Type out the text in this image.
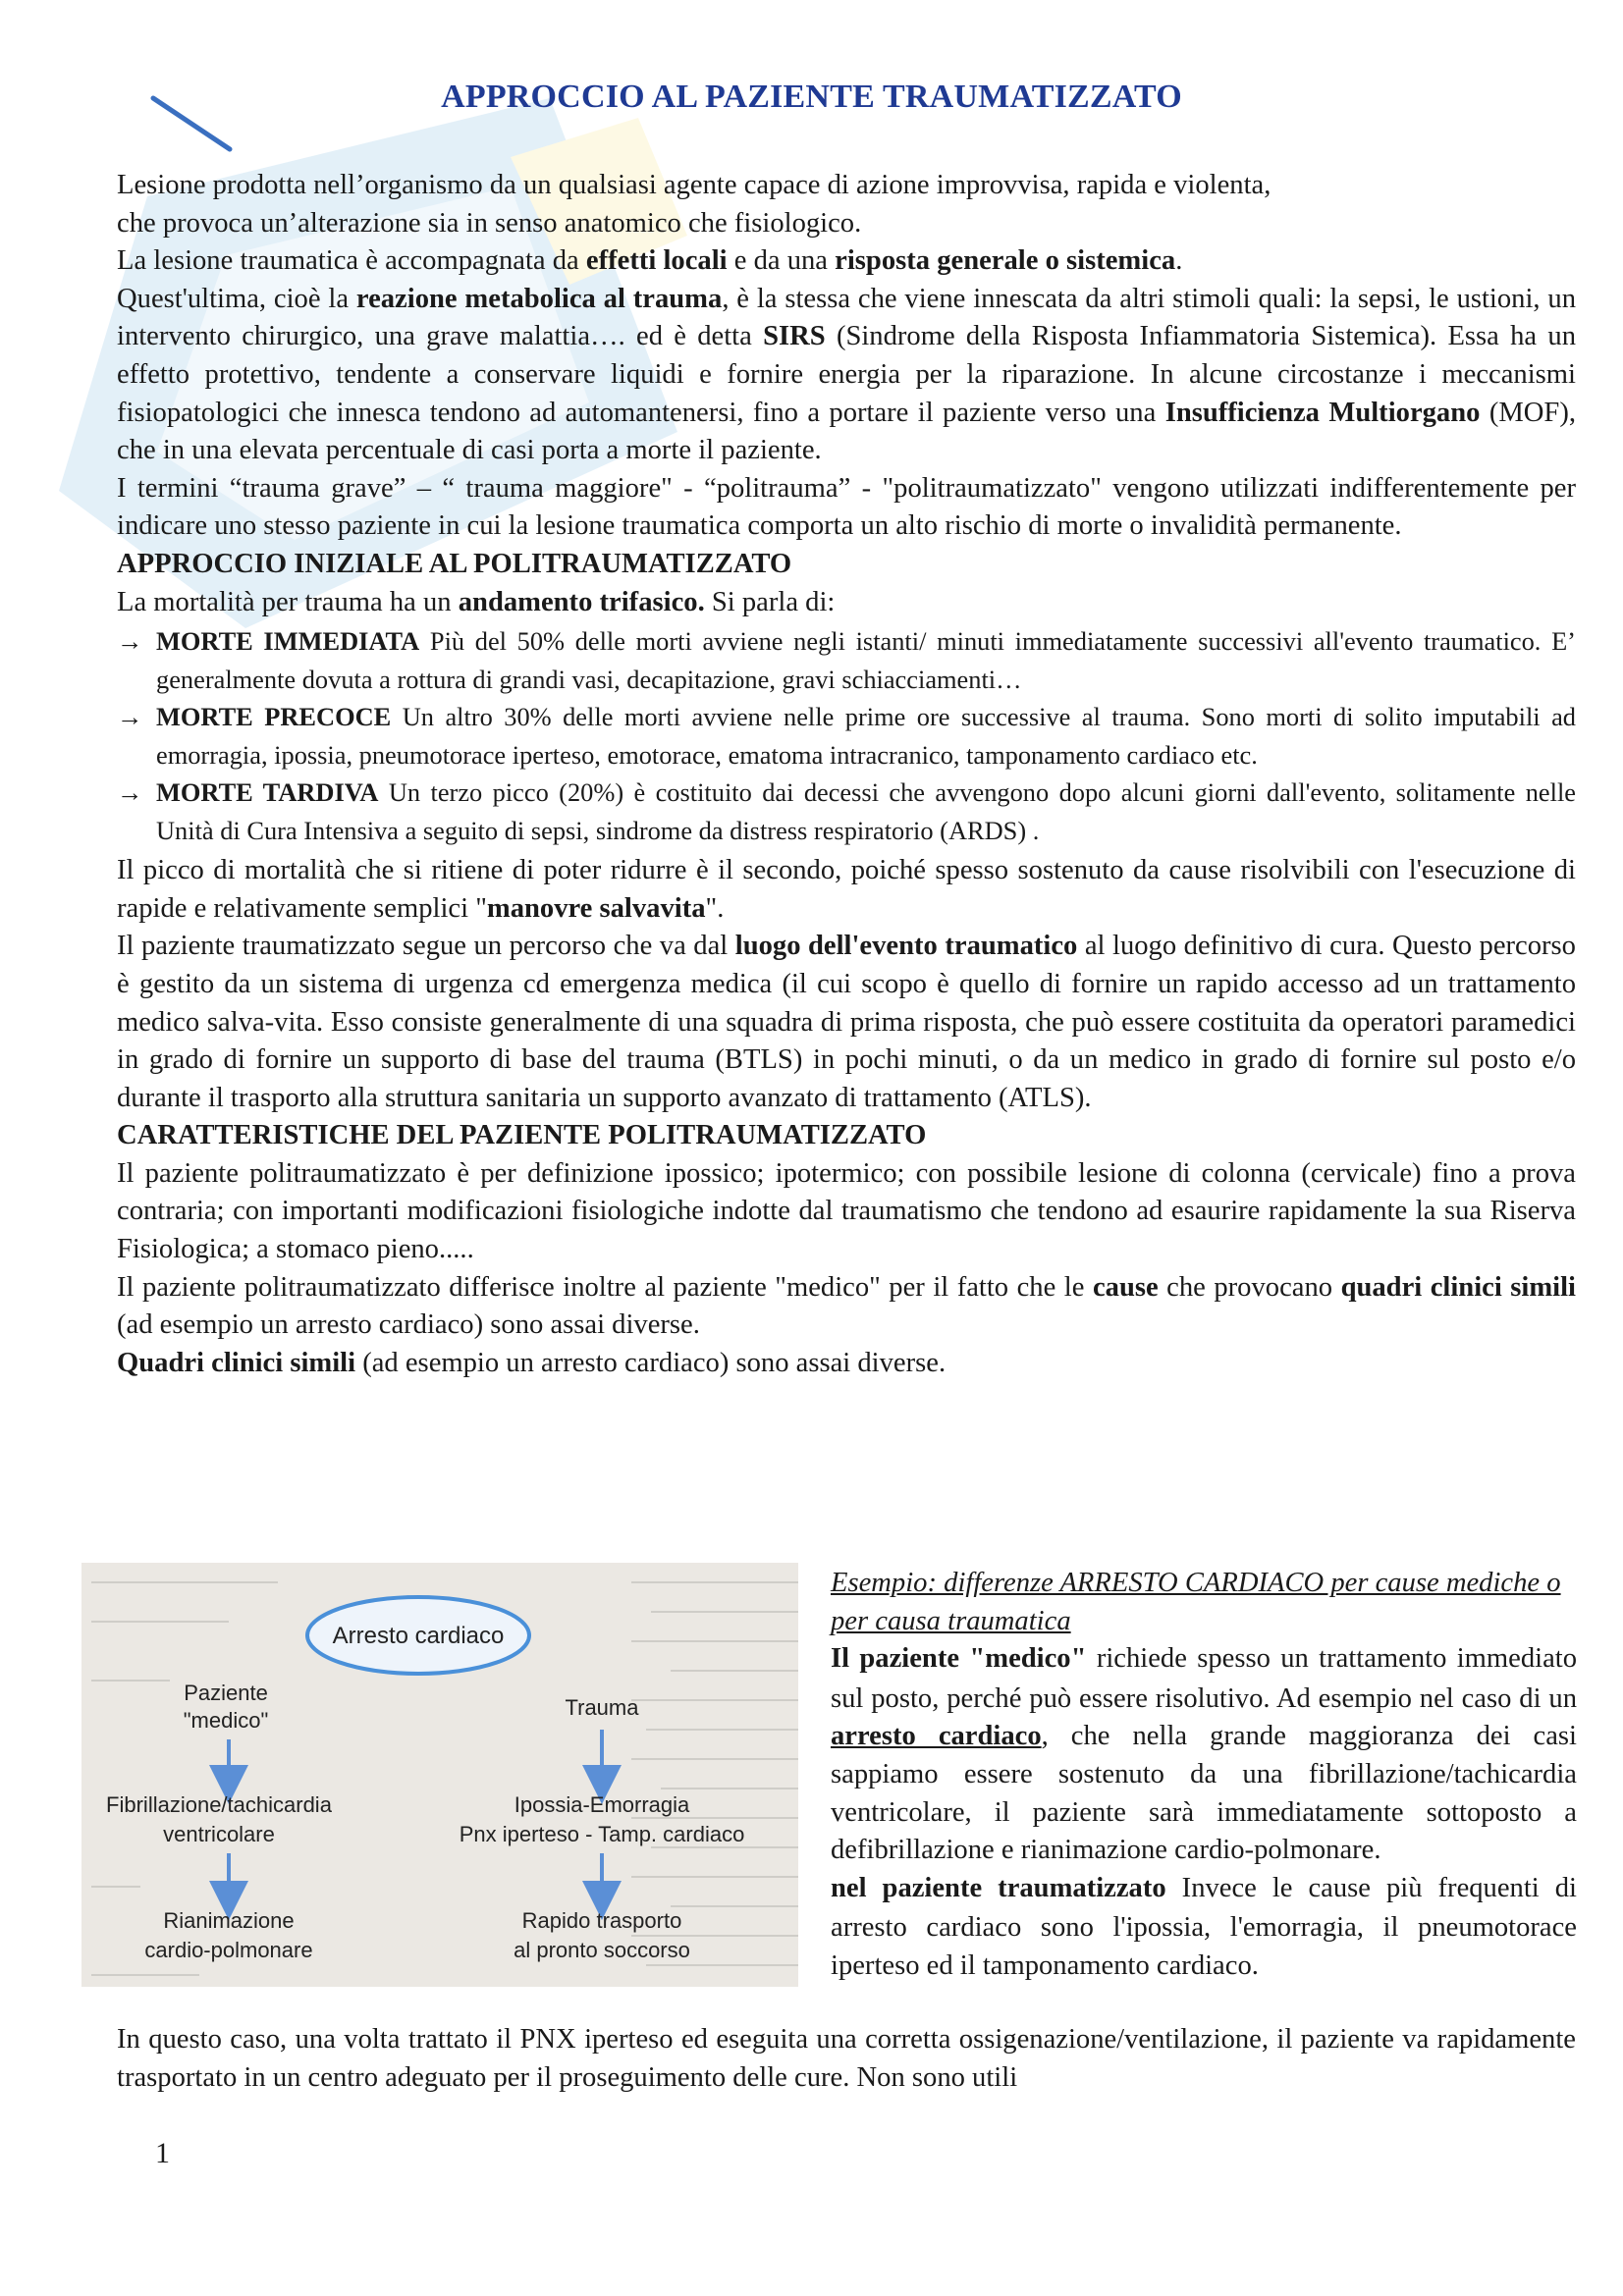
APPROCCIO AL PAZIENTE TRAUMATIZZATO

Lesione prodotta nell’organismo da un qualsiasi agente capace di azione improvvisa, rapida e violenta,
che provoca un’alterazione sia in senso anatomico che fisiologico.

La lesione traumatica è accompagnata da effetti locali e da una risposta generale o sistemica.

Quest'ultima, cioè la reazione metabolica al trauma, è la stessa che viene innescata da altri stimoli quali: la sepsi, le ustioni, un intervento chirurgico, una grave malattia…. ed è detta SIRS (Sindrome della Risposta Infiammatoria Sistemica). Essa ha un effetto protettivo, tendente a conservare liquidi e fornire energia per la riparazione. In alcune circostanze i meccanismi fisiopatologici che innesca tendono ad automantenersi, fino a portare il paziente verso una Insufficienza Multiorgano (MOF), che in una elevata percentuale di casi porta a morte il paziente.

I termini “trauma grave” – “ trauma maggiore" - “politrauma” - "politraumatizzato" vengono utilizzati indifferentemente per indicare uno stesso paziente in cui la lesione traumatica comporta un alto rischio di morte o invalidità permanente.

APPROCCIO INIZIALE AL POLITRAUMATIZZATO

La mortalità per trauma ha un andamento trifasico. Si parla di:

→ MORTE IMMEDIATA Più del 50% delle morti avviene negli istanti/ minuti immediatamente successivi all'evento traumatico. E’ generalmente dovuta a rottura di grandi vasi, decapitazione, gravi schiacciamenti…
→ MORTE PRECOCE Un altro 30% delle morti avviene nelle prime ore successive al trauma. Sono morti di solito imputabili ad emorragia, ipossia, pneumotorace iperteso, emotorace, ematoma intracranico, tamponamento cardiaco etc.
→ MORTE TARDIVA Un terzo picco (20%) è costituito dai decessi che avvengono dopo alcuni giorni dall'evento, solitamente nelle Unità di Cura Intensiva a seguito di sepsi, sindrome da distress respiratorio (ARDS) .

Il picco di mortalità che si ritiene di poter ridurre è il secondo, poiché spesso sostenuto da cause risolvibili con l'esecuzione di rapide e relativamente semplici "manovre salvavita".

Il paziente traumatizzato segue un percorso che va dal luogo dell'evento traumatico al luogo definitivo di cura. Questo percorso è gestito da un sistema di urgenza cd emergenza medica (il cui scopo è quello di fornire un rapido accesso ad un trattamento medico salva-vita. Esso consiste generalmente di una squadra di prima risposta, che può essere costituita da operatori paramedici in grado di fornire un supporto di base del trauma (BTLS) in pochi minuti, o da un medico in grado di fornire sul posto e/o durante il trasporto alla struttura sanitaria un supporto avanzato di trattamento (ATLS).

CARATTERISTICHE DEL PAZIENTE POLITRAUMATIZZATO

Il paziente politraumatizzato è per definizione ipossico; ipotermico; con possibile lesione di colonna (cervicale) fino a prova contraria; con importanti modificazioni fisiologiche indotte dal traumatismo che tendono ad esaurire rapidamente la sua Riserva Fisiologica; a stomaco pieno.....

Il paziente politraumatizzato differisce inoltre al paziente "medico" per il fatto che le cause che provocano quadri clinici simili (ad esempio un arresto cardiaco) sono assai diverse.

Quadri clinici simili (ad esempio un arresto cardiaco) sono assai diverse.

Arresto cardiaco
Paziente
"medico"
Fibrillazione/tachicardia
ventricolare
Rianimazione
cardio-polmonare
Trauma
Ipossia-Emorragia
Pnx iperteso - Tamp. cardiaco
Rapido trasporto
al pronto soccorso

Esempio: differenze ARRESTO CARDIACO per cause mediche o per causa traumatica

Il paziente "medico" richiede spesso un trattamento immediato sul posto, perché può essere risolutivo. Ad esempio nel caso di un arresto cardiaco, che nella grande maggioranza dei casi sappiamo essere sostenuto da una fibrillazione/tachicardia ventricolare, il paziente sarà immediatamente sottoposto a defibrillazione e rianimazione cardio-polmonare.

nel paziente traumatizzato Invece le cause più frequenti di arresto cardiaco sono l'ipossia, l'emorragia, il pneumotorace iperteso ed il tamponamento cardiaco.

In questo caso, una volta trattato il PNX iperteso ed eseguita una corretta ossigenazione/ventilazione, il paziente va rapidamente trasportato in un centro adeguato per il proseguimento delle cure. Non sono utili

1
